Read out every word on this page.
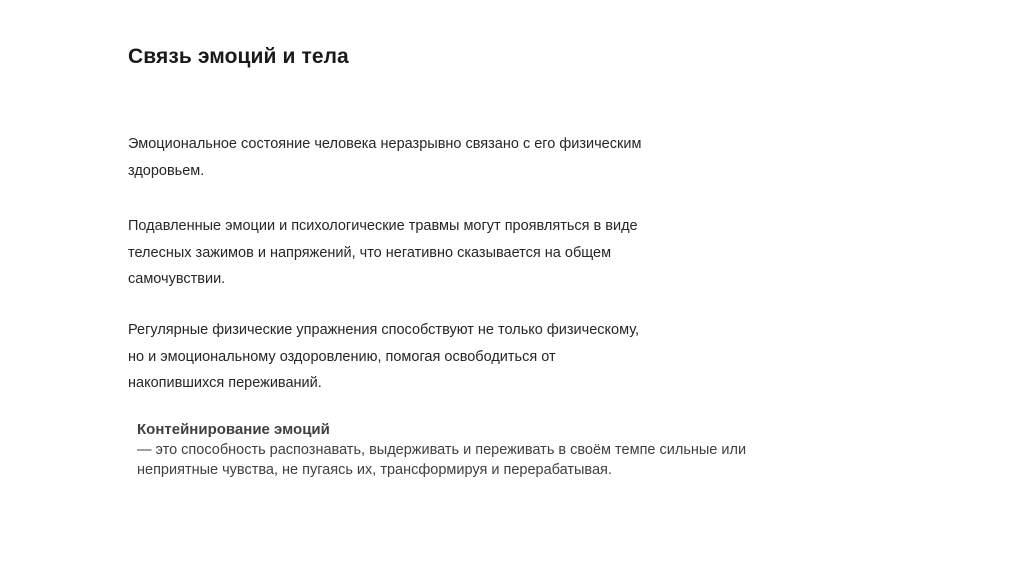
Связь эмоций и тела
Эмоциональное состояние человека неразрывно связано с его физическим
здоровьем.
Подавленные эмоции и психологические травмы могут проявляться в виде
телесных зажимов и напряжений, что негативно сказывается на общем
самочувствии.
Регулярные физические упражнения способствуют не только физическому,
но и эмоциональному оздоровлению, помогая освободиться от
накопившихся переживаний.
Контейнирование эмоций
— это способность распознавать, выдерживать и переживать в своём темпе сильные или
неприятные чувства, не пугаясь их, трансформируя и перерабатывая.
